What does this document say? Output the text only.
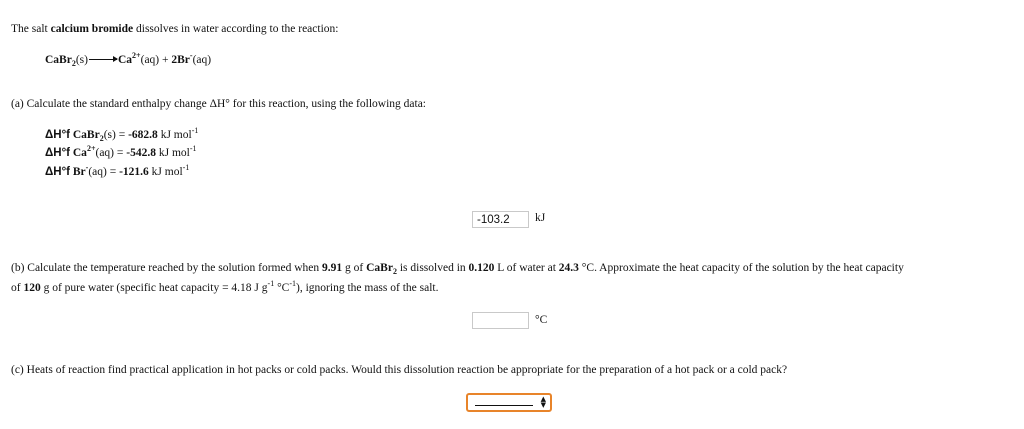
The salt calcium bromide dissolves in water according to the reaction:
$CaBr_2(s)\to Ca^{2+}(aq) + 2Br^-(aq)$
(a) Calculate the standard enthalpy change ΔH° for this reaction, using the following data:
ΔH°f CaBr$_2$(s) = -682.8 kJ mol$^{-1}$
ΔH°f $Ca^{2+}(aq) = -542.8$ kJ mol$^{-1}$
ΔH°f Br-(aq) = -121.6 kJ mol$^{-1}$
-103.2	kJ
(b) Calculate the temperature reached by the solution formed when 9.91 g of CaBr$_2$ is dissolved in 0.120 L of water at 24.3 °C. Approximate the heat capacity of the solution by the heat capacity
of 120 g of pure water (specific heat capacity = 4.18 J $g^{-1}$ $^\circ C^{-1}$), ignoring the mass of the salt.
°C
(c) Heats of reaction find practical application in hot packs or cold packs. Would this dissolution reaction be appropriate for the preparation of a hot pack or a cold pack?
▲
▼
